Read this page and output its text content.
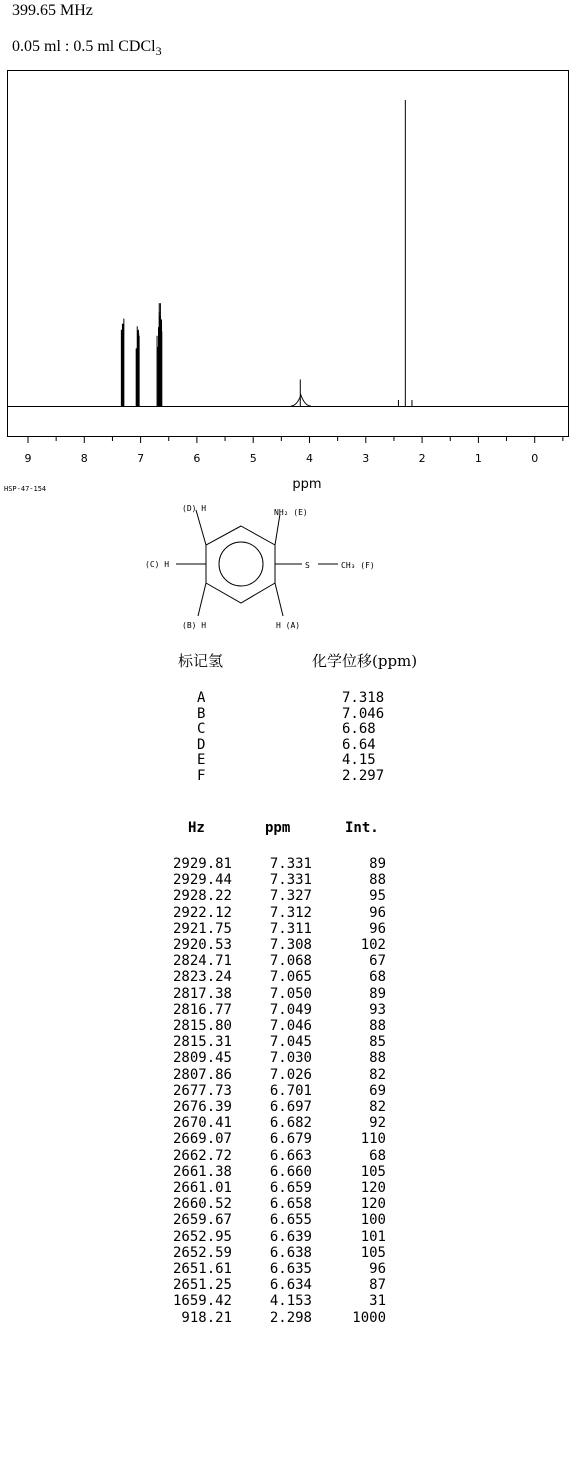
399.65 MHz
0.05 ml : 0.5 ml CDCl$_3$
9	8	7	6	5	4	3	2	1	0
ppm
HSP-47-154
(D) H	NH₂ (E)
(C) H	S	CH₃ (F)
(B) H	H (A)
标记氢	化学位移(ppm)
A	7.318
B	7.046
C	6.68
D	6.64
E	4.15
F	2.297
Hz	ppm	Int.
2929.81	7.331	89
2929.44	7.331	88
2928.22	7.327	95
2922.12	7.312	96
2921.75	7.311	96
2920.53	7.308	102
2824.71	7.068	67
2823.24	7.065	68
2817.38	7.050	89
2816.77	7.049	93
2815.80	7.046	88
2815.31	7.045	85
2809.45	7.030	88
2807.86	7.026	82
2677.73	6.701	69
2676.39	6.697	82
2670.41	6.682	92
2669.07	6.679	110
2662.72	6.663	68
2661.38	6.660	105
2661.01	6.659	120
2660.52	6.658	120
2659.67	6.655	100
2652.95	6.639	101
2652.59	6.638	105
2651.61	6.635	96
2651.25	6.634	87
1659.42	4.153	31
918.21	2.298	1000
